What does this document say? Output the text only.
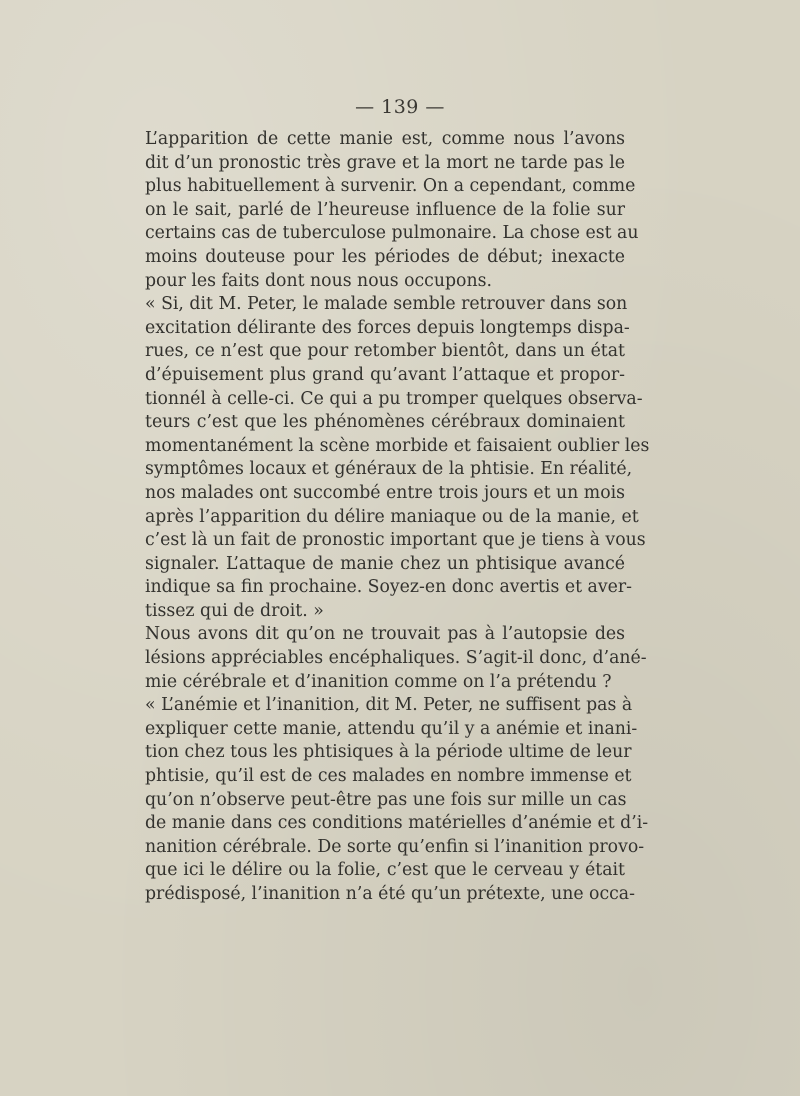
— 139 —
L’apparition de cette manie est, comme nous l’avons
dit d’un pronostic très grave et la mort ne tarde pas le
plus habituellement à survenir. On a cependant, comme
on le sait, parlé de l’heureuse influence de la folie sur
certains cas de tuberculose pulmonaire. La chose est au
moins douteuse pour les périodes de début; inexacte
pour les faits dont nous nous occupons.
« Si, dit M. Peter, le malade semble retrouver dans son
excitation délirante des forces depuis longtemps dispa-
rues, ce n’est que pour retomber bientôt, dans un état
d’épuisement plus grand qu’avant l’attaque et propor-
tionnél à celle-ci. Ce qui a pu tromper quelques observa-
teurs c’est que les phénomènes cérébraux dominaient
momentanément la scène morbide et faisaient oublier les
symptômes locaux et généraux de la phtisie. En réalité,
nos malades ont succombé entre trois jours et un mois
après l’apparition du délire maniaque ou de la manie, et
c’est là un fait de pronostic important que je tiens à vous
signaler. L’attaque de manie chez un phtisique avancé
indique sa fin prochaine. Soyez-en donc avertis et aver-
tissez qui de droit. »
Nous avons dit qu’on ne trouvait pas à l’autopsie des
lésions appréciables encéphaliques. S’agit-il donc, d’ané-
mie cérébrale et d’inanition comme on l’a prétendu ?
« L’anémie et l’inanition, dit M. Peter, ne suffisent pas à
expliquer cette manie, attendu qu’il y a anémie et inani-
tion chez tous les phtisiques à la période ultime de leur
phtisie, qu’il est de ces malades en nombre immense et
qu’on n’observe peut-être pas une fois sur mille un cas
de manie dans ces conditions matérielles d’anémie et d’i-
nanition cérébrale. De sorte qu’enfin si l’inanition provo-
que ici le délire ou la folie, c’est que le cerveau y était
prédisposé, l’inanition n’a été qu’un prétexte, une occa-
